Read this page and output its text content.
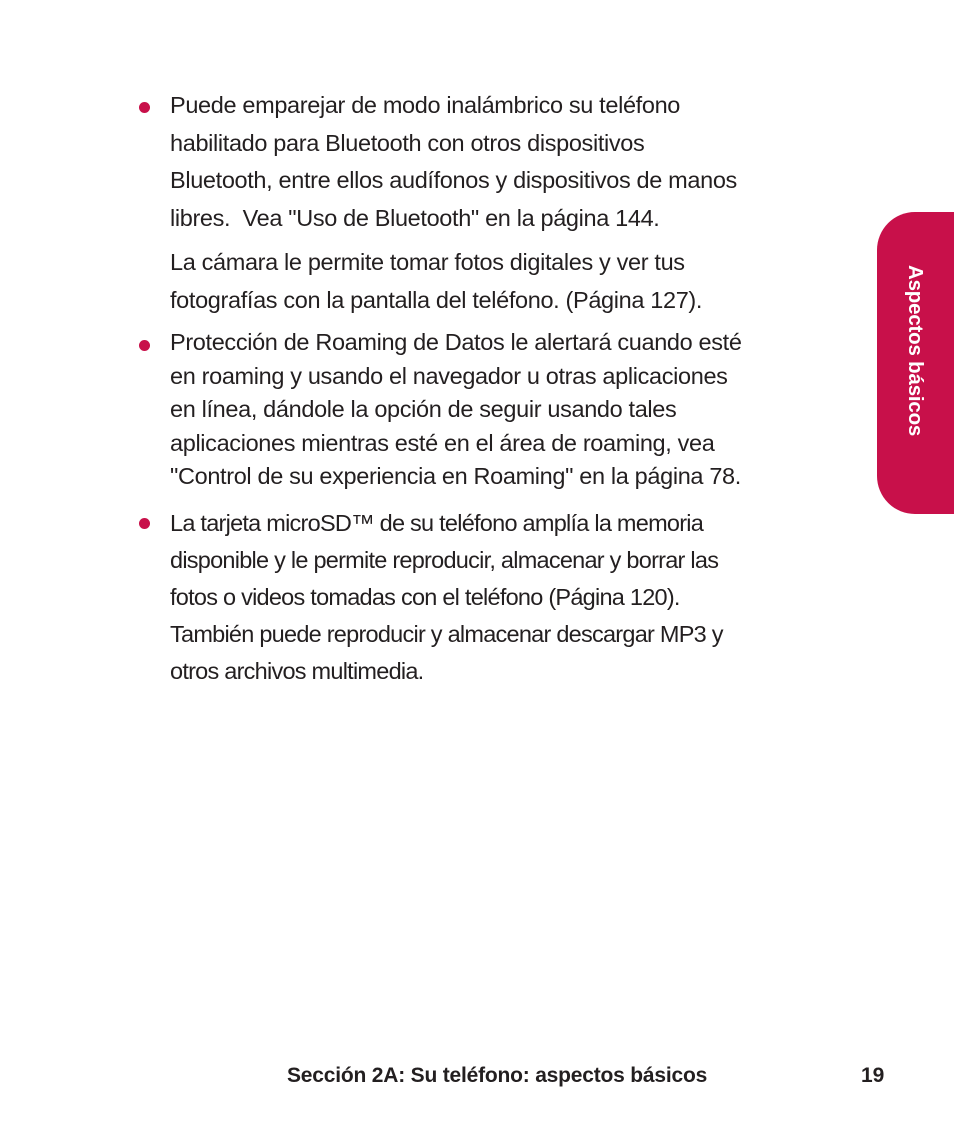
Puede emparejar de modo inalámbrico su teléfono
habilitado para Bluetooth con otros dispositivos
Bluetooth, entre ellos audífonos y dispositivos de manos
libres.  Vea "Uso de Bluetooth" en la página 144.
La cámara le permite tomar fotos digitales y ver tus
fotografías con la pantalla del teléfono. (Página 127).
Protección de Roaming de Datos le alertará cuando esté
en roaming y usando el navegador u otras aplicaciones
en línea, dándole la opción de seguir usando tales
aplicaciones mientras esté en el área de roaming, vea
"Control de su experiencia en Roaming" en la página 78.
La tarjeta microSD™ de su teléfono amplía la memoria
disponible y le permite reproducir, almacenar y borrar las
fotos o videos tomadas con el teléfono (Página 120).
También puede reproducir y almacenar descargar MP3 y
otros archivos multimedia.
Aspectos básicos
Sección 2A: Su teléfono: aspectos básicos	19
